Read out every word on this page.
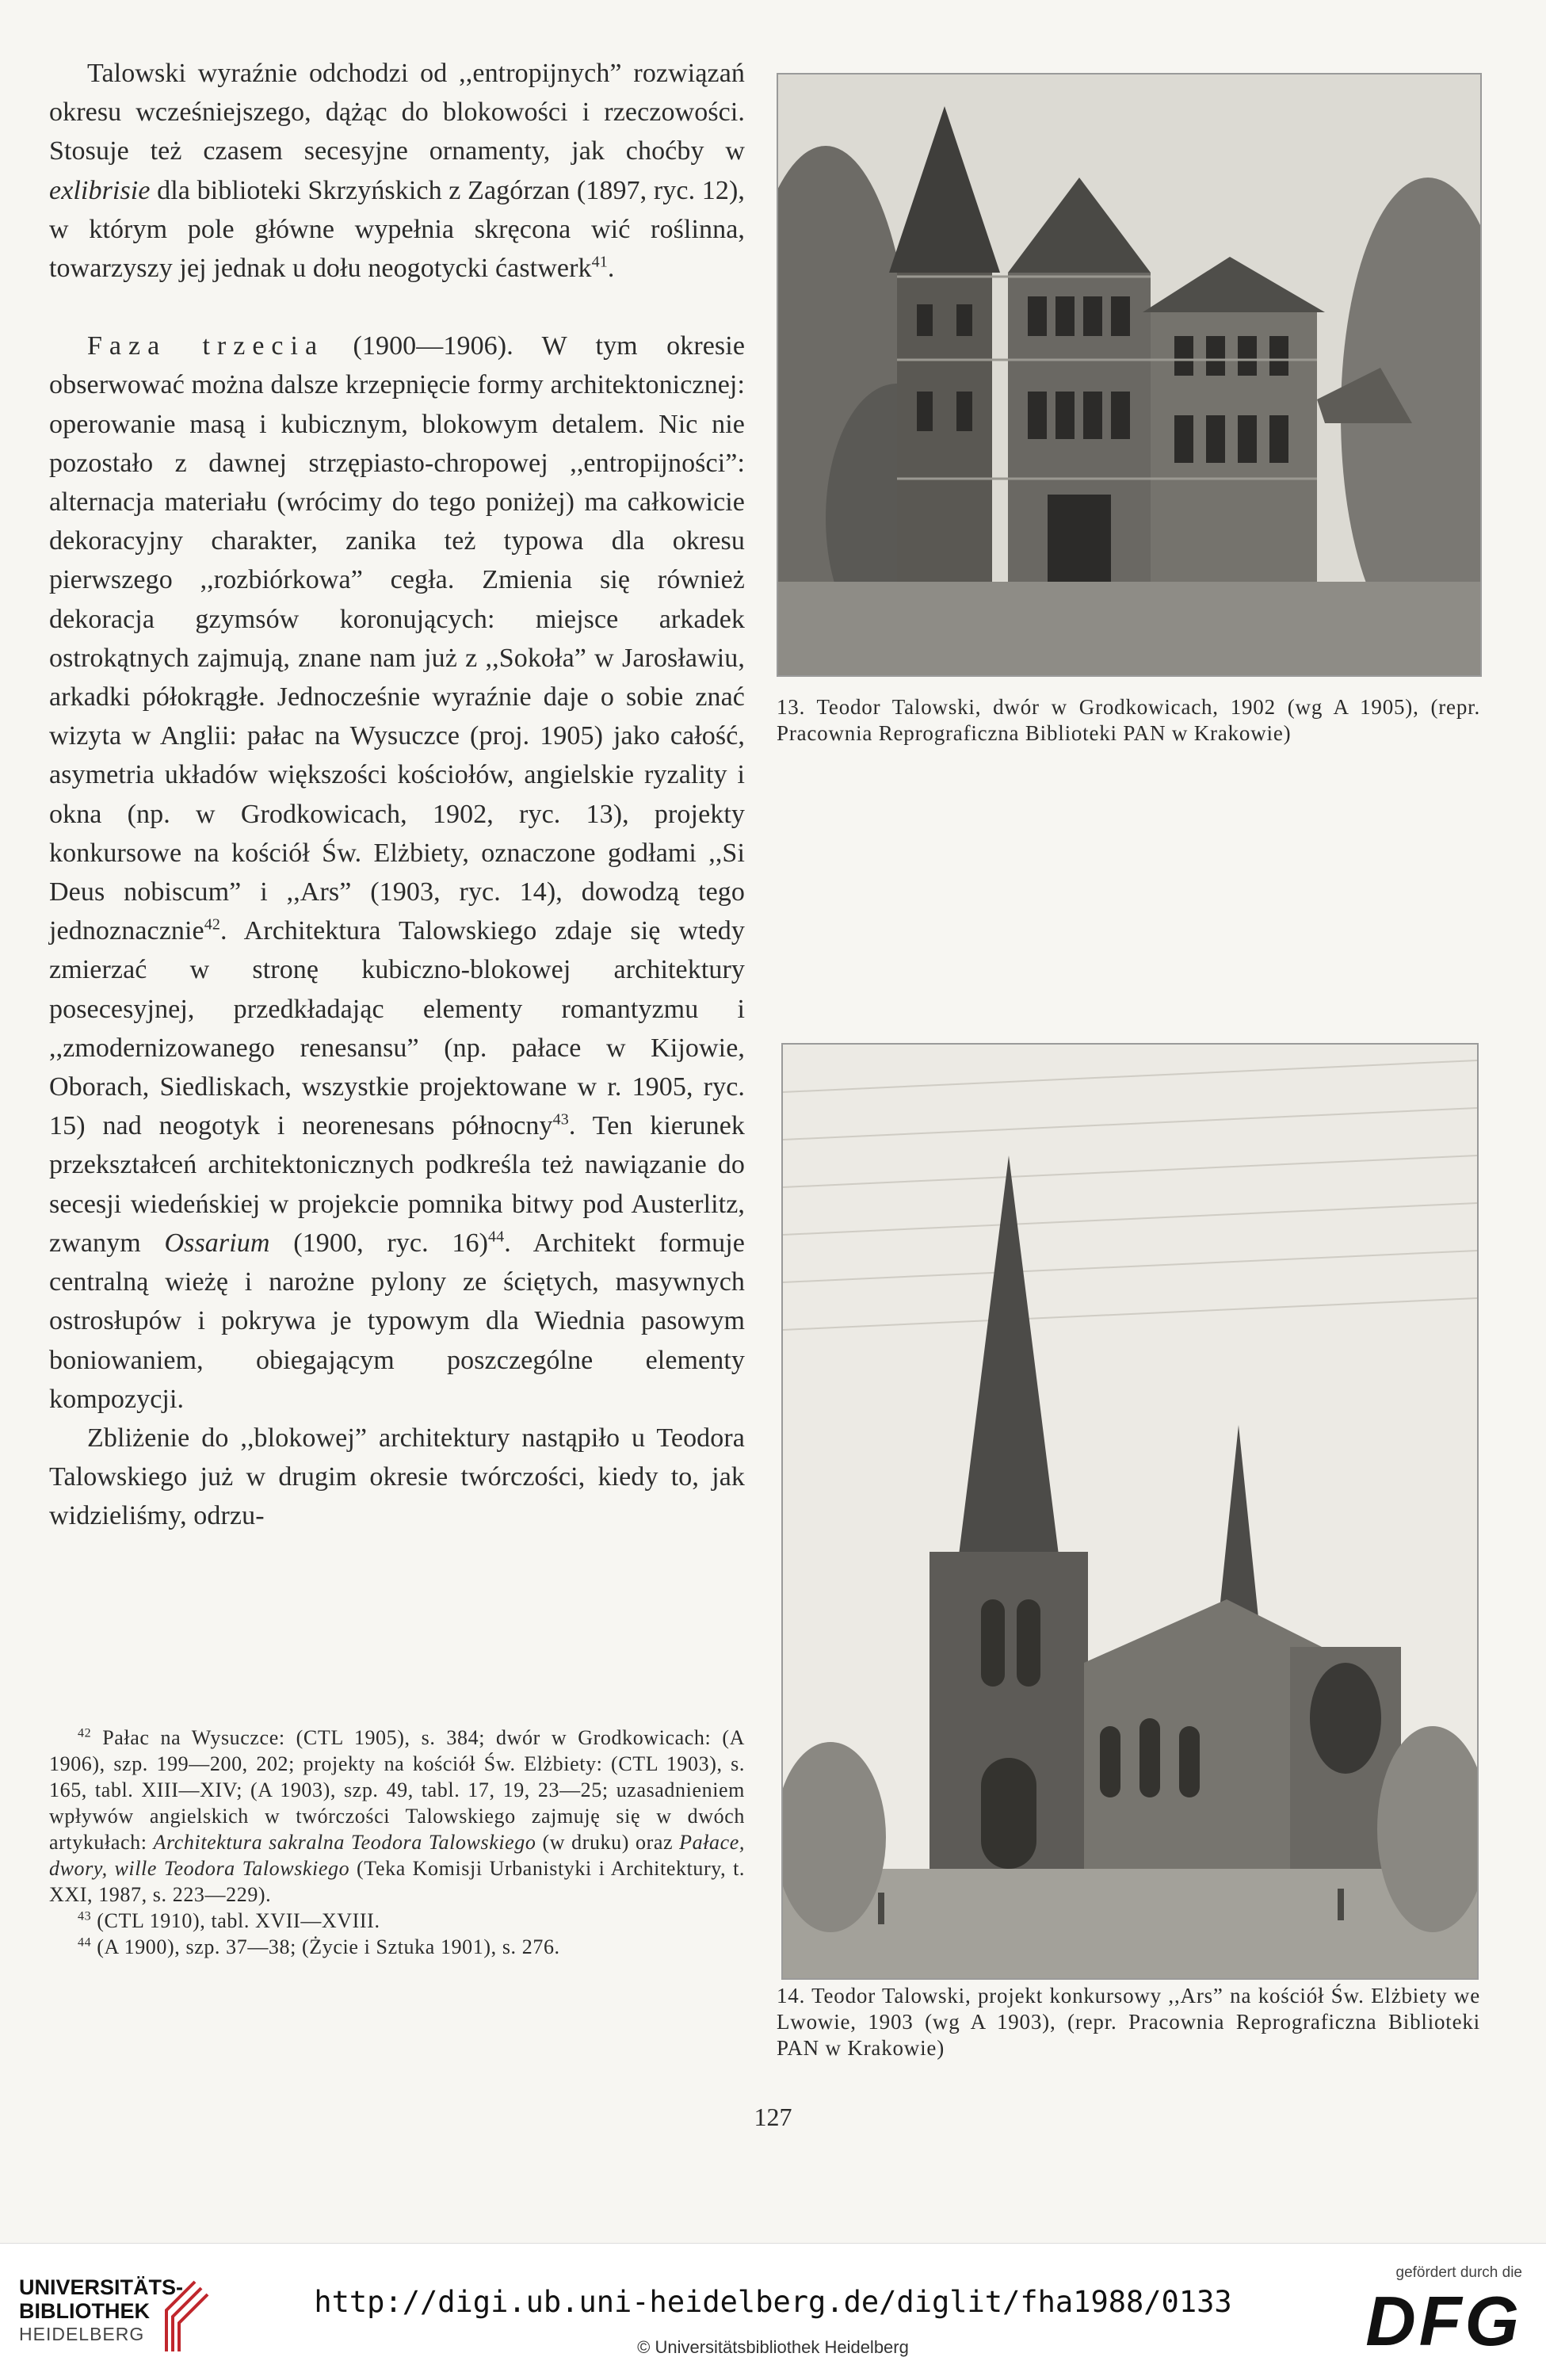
Talowski wyraźnie odchodzi od ,,entropijnych” rozwiązań okresu wcześniejszego, dążąc do blokowości i rzeczowości. Stosuje też czasem secesyjne ornamenty, jak choćby w exlibrisie dla biblioteki Skrzyńskich z Zagórzan (1897, ryc. 12), w którym pole główne wypełnia skręcona wić roślinna, towarzyszy jej jednak u dołu neogotycki ćastwerk$^{41}$.

Faza trzecia (1900—1906). W tym okresie obserwować można dalsze krzepnięcie formy architektonicznej: operowanie masą i kubicznym, blokowym detalem. Nic nie pozostało z dawnej strzępiasto-chropowej ,,entropijności”: alternacja materiału (wrócimy do tego poniżej) ma całkowicie dekoracyjny charakter, zanika też typowa dla okresu pierwszego ,,rozbiórkowa” cegła. Zmienia się również dekoracja gzymsów koronujących: miejsce arkadek ostrokątnych zajmują, znane nam już z ,,Sokoła” w Jarosławiu, arkadki półokrągłe. Jednocześnie wyraźnie daje o sobie znać wizyta w Anglii: pałac na Wysuczce (proj. 1905) jako całość, asymetria układów większości kościołów, angielskie ryzality i okna (np. w Grodkowicach, 1902, ryc. 13), projekty konkursowe na kościół Św. Elżbiety, oznaczone godłami ,,Si Deus nobiscum” i ,,Ars” (1903, ryc. 14), dowodzą tego jednoznacznie$^{42}$. Architektura Talowskiego zdaje się wtedy zmierzać w stronę kubiczno-blokowej architektury posecesyjnej, przedkładając elementy romantyzmu i ,,zmodernizowanego renesansu” (np. pałace w Kijowie, Oborach, Siedliskach, wszystkie projektowane w r. 1905, ryc. 15) nad neogotyk i neorenesans północny$^{43}$. Ten kierunek przekształceń architektonicznych podkreśla też nawiązanie do secesji wiedeńskiej w projekcie pomnika bitwy pod Austerlitz, zwanym Ossarium (1900, ryc. 16)$^{44}$. Architekt formuje centralną wieżę i narożne pylony ze ściętych, masywnych ostrosłupów i pokrywa je typowym dla Wiednia pasowym boniowaniem, obiegającym poszczególne elementy kompozycji.

Zbliżenie do ,,blokowej” architektury nastąpiło u Teodora Talowskiego już w drugim okresie twórczości, kiedy to, jak widzieliśmy, odrzu-

$^{42}$ Pałac na Wysuczce: (CTL 1905), s. 384; dwór w Grodkowicach: (A 1906), szp. 199—200, 202; projekty na kościół Św. Elżbiety: (CTL 1903), s. 165, tabl. XIII—XIV; (A 1903), szp. 49, tabl. 17, 19, 23—25; uzasadnieniem wpływów angielskich w twórczości Talowskiego zajmuję się w dwóch artykułach: Architektura sakralna Teodora Talowskiego (w druku) oraz Pałace, dwory, wille Teodora Talowskiego (Teka Komisji Urbanistyki i Architektury, t. XXI, 1987, s. 223—229).

$^{43}$ (CTL 1910), tabl. XVII—XVIII.

$^{44}$ (A 1900), szp. 37—38; (Życie i Sztuka 1901), s. 276.

13. Teodor Talowski, dwór w Grodkowicach, 1902 (wg A 1905), (repr. Pracownia Reprograficzna Biblioteki PAN w Krakowie)

14. Teodor Talowski, projekt konkursowy ,,Ars” na kościół Św. Elżbiety we Lwowie, 1903 (wg A 1903), (repr. Pracownia Reprograficzna Biblioteki PAN w Krakowie)

127
UNIVERSITÄTS-
BIBLIOTHEK
HEIDELBERG
http://digi.ub.uni-heidelberg.de/diglit/fha1988/0133
© Universitätsbibliothek Heidelberg
gefördert durch die
DFG
